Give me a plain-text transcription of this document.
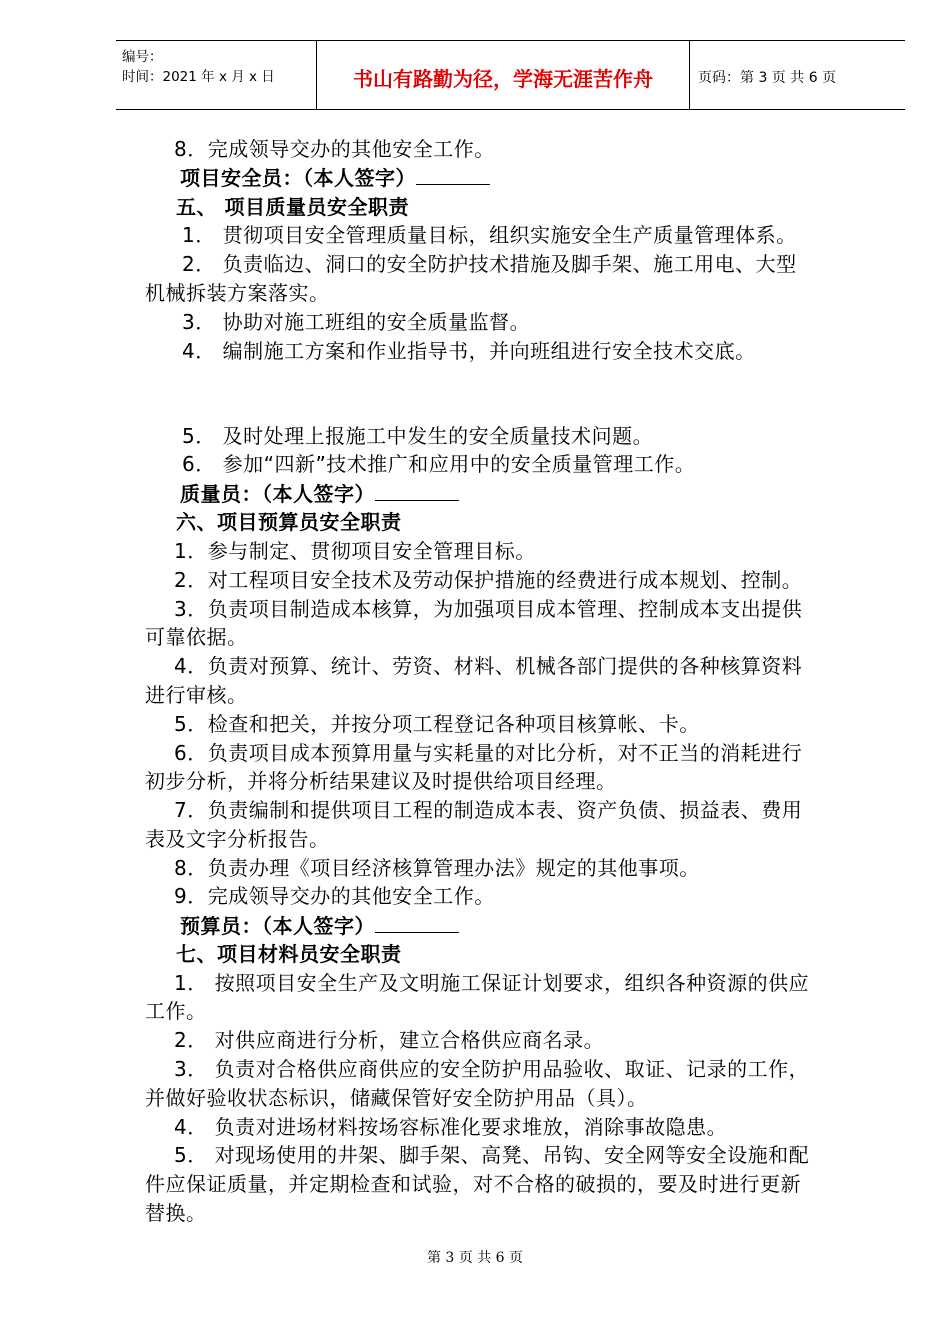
编号：
时间：2021 年 x 月 x 日	书山有路勤为径，学海无涯苦作舟	页码：第 3 页 共 6 页
8．完成领导交办的其他安全工作。
项目安全员：（本人签字）
五、 项目质量员安全职责
1． 贯彻项目安全管理质量目标，组织实施安全生产质量管理体系。
2． 负责临边、洞口的安全防护技术措施及脚手架、施工用电、大型
机械拆装方案落实。
3． 协助对施工班组的安全质量监督。
4． 编制施工方案和作业指导书，并向班组进行安全技术交底。
5． 及时处理上报施工中发生的安全质量技术问题。
6． 参加“四新”技术推广和应用中的安全质量管理工作。
质量员：（本人签字）
六、项目预算员安全职责
1．参与制定、贯彻项目安全管理目标。
2．对工程项目安全技术及劳动保护措施的经费进行成本规划、控制。
3．负责项目制造成本核算，为加强项目成本管理、控制成本支出提供
可靠依据。
4．负责对预算、统计、劳资、材料、机械各部门提供的各种核算资料
进行审核。
5．检查和把关，并按分项工程登记各种项目核算帐、卡。
6．负责项目成本预算用量与实耗量的对比分析，对不正当的消耗进行
初步分析，并将分析结果建议及时提供给项目经理。
7．负责编制和提供项目工程的制造成本表、资产负债、损益表、费用
表及文字分析报告。
8．负责办理《项目经济核算管理办法》规定的其他事项。
9．完成领导交办的其他安全工作。
预算员：（本人签字）
七、项目材料员安全职责
1． 按照项目安全生产及文明施工保证计划要求，组织各种资源的供应
工作。
2． 对供应商进行分析，建立合格供应商名录。
3． 负责对合格供应商供应的安全防护用品验收、取证、记录的工作，
并做好验收状态标识，储藏保管好安全防护用品（具）。
4． 负责对进场材料按场容标准化要求堆放，消除事故隐患。
5． 对现场使用的井架、脚手架、高凳、吊钩、安全网等安全设施和配
件应保证质量，并定期检查和试验，对不合格的破损的，要及时进行更新
替换。
第 3 页 共 6 页
